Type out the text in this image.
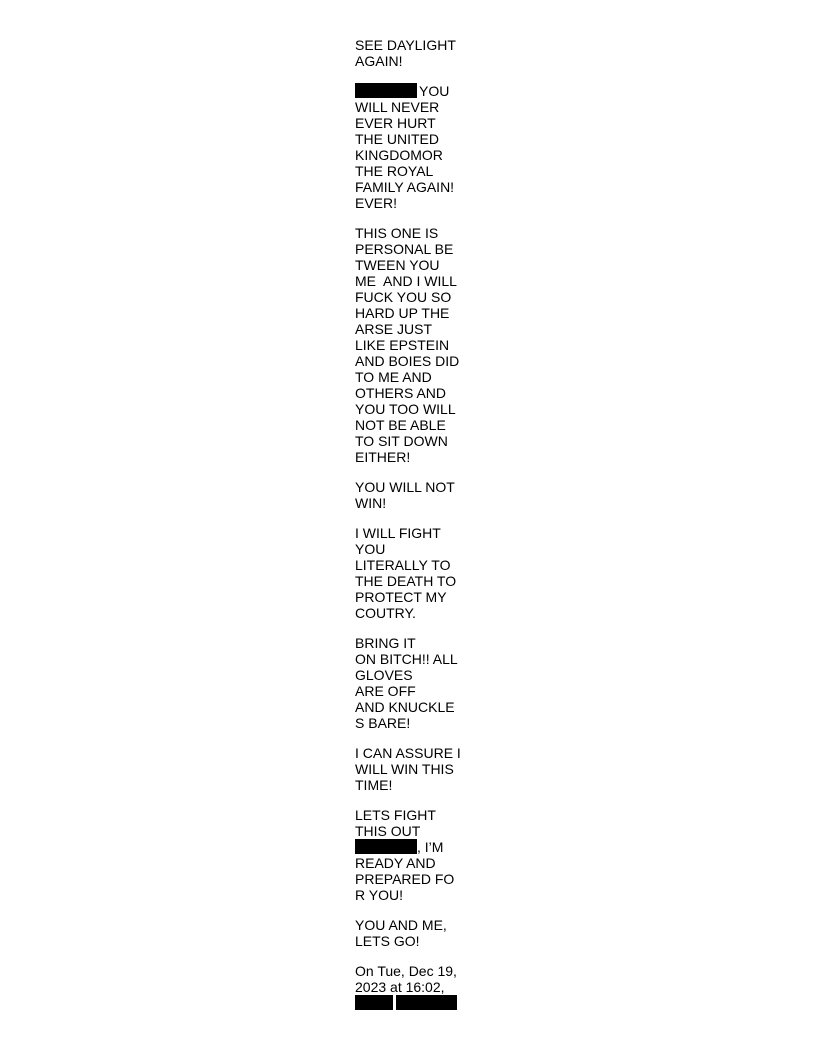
SEE DAYLIGHT
AGAIN!
YOU
WILL NEVER
EVER HURT
THE UNITED
KINGDOMOR
THE ROYAL
FAMILY AGAIN!
EVER!
THIS ONE IS
PERSONAL BE
TWEEN YOU
ME  AND I WILL
FUCK YOU SO
HARD UP THE
ARSE JUST
LIKE EPSTEIN
AND BOIES DID
TO ME AND
OTHERS AND
YOU TOO WILL
NOT BE ABLE
TO SIT DOWN
EITHER!
YOU WILL NOT
WIN!
I WILL FIGHT
YOU
LITERALLY TO
THE DEATH TO
PROTECT MY
COUTRY.
BRING IT
ON BITCH!! ALL
GLOVES
ARE OFF
AND KNUCKLE
S BARE!
I CAN ASSURE I
WILL WIN THIS
TIME!
LETS FIGHT
THIS OUT
, I’M
READY AND
PREPARED FO
R YOU!
YOU AND ME,
LETS GO!
On Tue, Dec 19,
2023 at 16:02,
